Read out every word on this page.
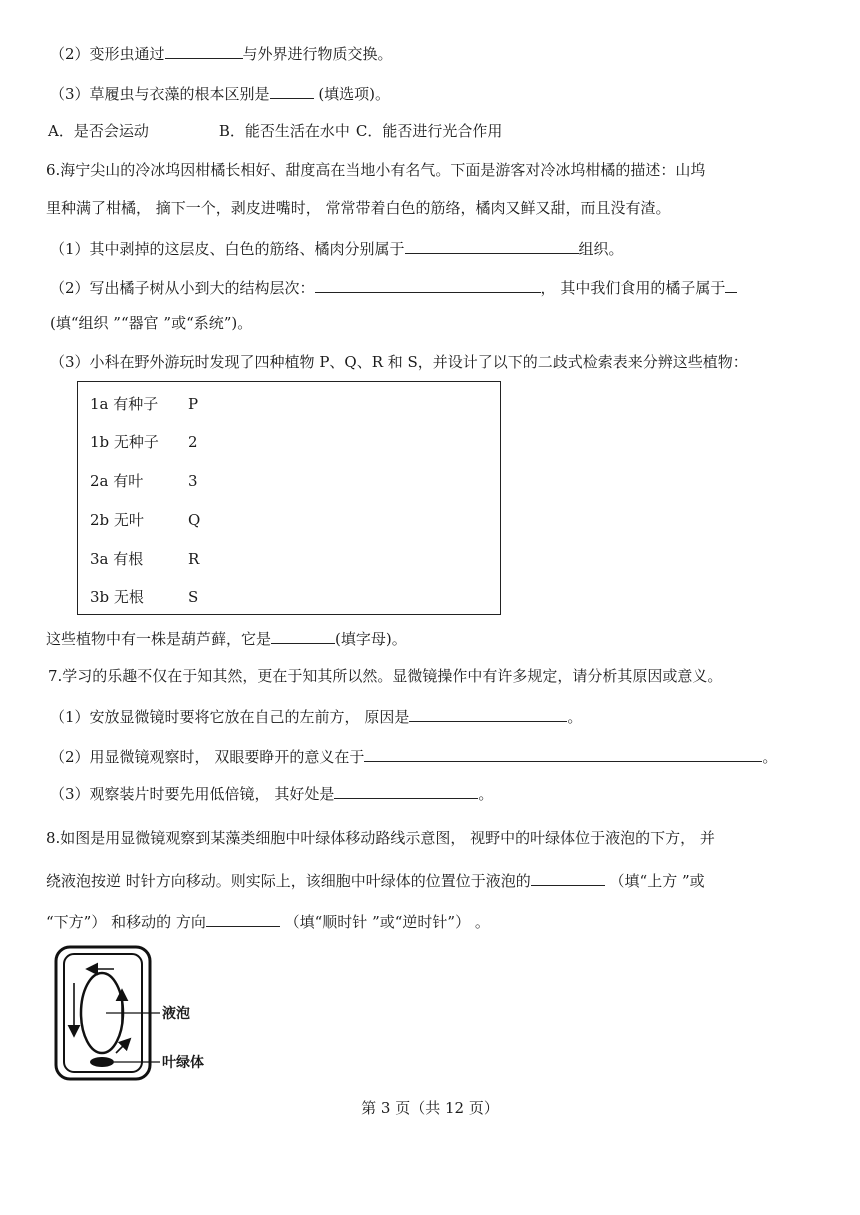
（2）变形虫通过	与外界进行物质交换。
（3）草履虫与衣藻的根本区别是	(填选项)。
A．是否会运动	B．能否生活在水中 C．能否进行光合作用
6.海宁尖山的冷冰坞因柑橘长相好、甜度高在当地小有名气。下面是游客对冷冰坞柑橘的描述：山坞
里种满了柑橘， 摘下一个，剥皮进嘴时， 常常带着白色的筋络，橘肉又鲜又甜，而且没有渣。
（1）其中剥掉的这层皮、白色的筋络、橘肉分别属于	组织。
（2）写出橘子树从小到大的结构层次：	， 其中我们食用的橘子属于
(填“组织 ”“器官 ”或“系统”)。
（3）小科在野外游玩时发现了四种植物 P、Q、R 和 S，并设计了以下的二歧式检索表来分辨这些植物：
1a 有种子 P
1b 无种子 2
2a 有叶	3
2b 无叶	Q
3a 有根	R
3b 无根	S
这些植物中有一株是葫芦藓，它是	(填字母)。
7.学习的乐趣不仅在于知其然，更在于知其所以然。显微镜操作中有许多规定，请分析其原因或意义。
（1）安放显微镜时要将它放在自己的左前方， 原因是	。
（2）用显微镜观察时， 双眼要睁开的意义在于	。
（3）观察装片时要先用低倍镜， 其好处是	。
8.如图是用显微镜观察到某藻类细胞中叶绿体移动路线示意图， 视野中的叶绿体位于液泡的下方， 并
绕液泡按逆 时针方向移动。则实际上，该细胞中叶绿体的位置位于液泡的	（填“上方 ”或
“下方”） 和移动的 方向	（填“顺时针 ”或“逆时针”） 。
液泡
叶绿体
第 3 页（共 12 页）
